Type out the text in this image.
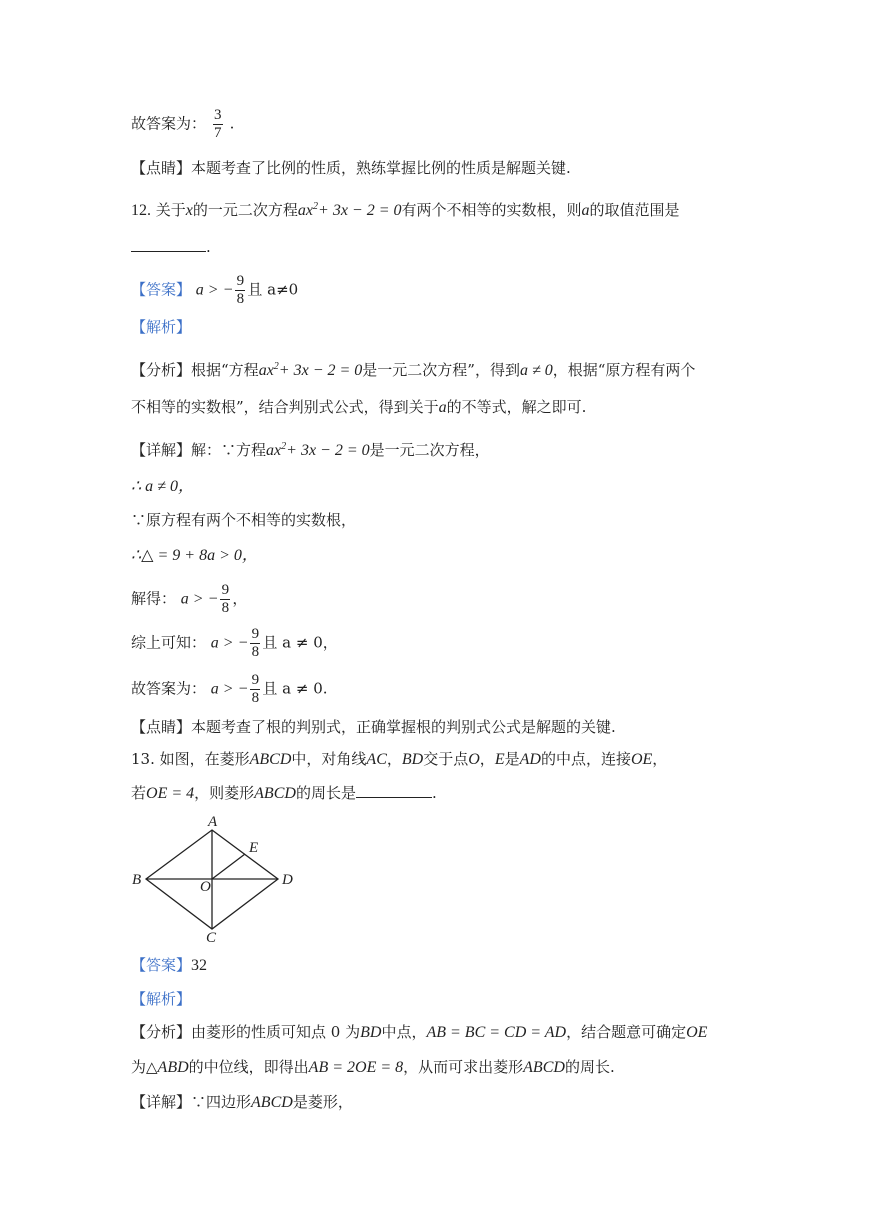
故答案为： $\frac{3}{7}$ .
【点睛】本题考查了比例的性质，熟练掌握比例的性质是解题关键.
12. 关于x的一元二次方程$ax^2+ 3x - 2 = 0$有两个不相等的实数根，则a的取值范围是
.
【答案】 a > − $\frac{9}{8}$ 且 a≠0
【解析】
【分析】根据“方程$ax^2+ 3x - 2 = 0$是一元二次方程”，得到a ≠ 0，根据“原方程有两个
不相等的实数根”，结合判别式公式，得到关于a的不等式，解之即可.
【详解】解：∵方程$ax^2+ 3x - 2 = 0$是一元二次方程，
∴ a ≠ 0，
∵原方程有两个不相等的实数根，
∴△ = 9 + 8a > 0，
解得： a > − $\frac{9}{8}$ ，
综上可知： a > − $\frac{9}{8}$ 且 a ≠ 0，
故答案为： a > − $\frac{9}{8}$ 且 a ≠ 0.
【点睛】本题考查了根的判别式，正确掌握根的判别式公式是解题的关键.
13. 如图，在菱形ABCD中，对角线AC，BD交于点O，E是AD的中点，连接OE，
若OE = 4，则菱形ABCD的周长是	.
A
E
B	D
O
C
【答案】32
【解析】
【分析】由菱形的性质可知点 0 为BD中点，AB = BC = CD = AD，结合题意可确定OE
为△ABD的中位线，即得出AB = 2OE = 8，从而可求出菱形ABCD的周长.
【详解】∵四边形ABCD是菱形，
